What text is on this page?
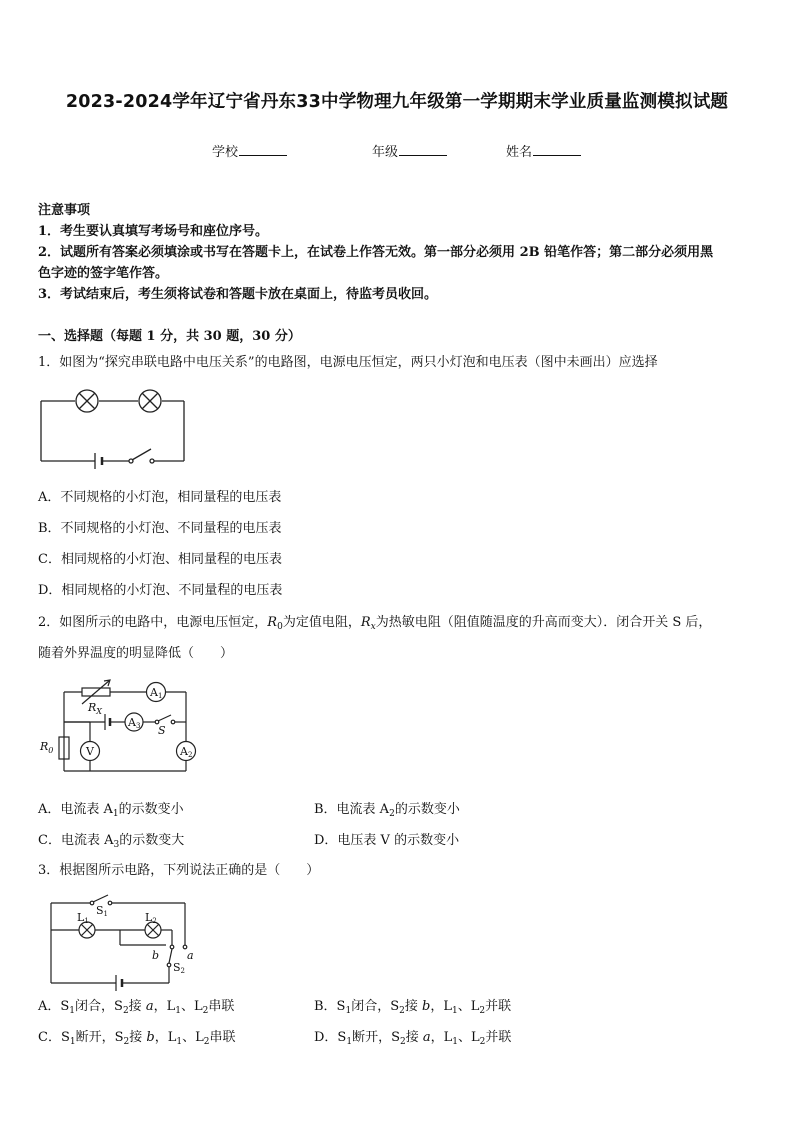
2023-2024学年辽宁省丹东33中学物理九年级第一学期期末学业质量监测模拟试题
学校	年级	姓名
注意事项
1．考生要认真填写考场号和座位序号。
2．试题所有答案必须填涂或书写在答题卡上，在试卷上作答无效。第一部分必须用 2B 铅笔作答；第二部分必须用黑
色字迹的签字笔作答。
3．考试结束后，考生须将试卷和答题卡放在桌面上，待监考员收回。
一、选择题（每题 1 分，共 30 题，30 分）
1．如图为“探究串联电路中电压关系”的电路图，电源电压恒定，两只小灯泡和电压表（图中未画出）应选择
A．不同规格的小灯泡，相同量程的电压表
B．不同规格的小灯泡、不同量程的电压表
C．相同规格的小灯泡、相同量程的电压表
D．相同规格的小灯泡、不同量程的电压表
2．如图所示的电路中，电源电压恒定，$R_0$为定值电阻，$R_x$为热敏电阻（阻值随温度的升高而变大）．闭合开关 S 后，
随着外界温度的明显降低（　　）
$R_X$
$R_0$
A1
A3
A2
V
S
A．电流表 $A_1$的示数变小	B．电流表 $A_2$的示数变小
C．电流表 $A_3$的示数变大	D．电压表 V 的示数变小
3．根据图所示电路，下列说法正确的是（　　）
S1
L1	L2
b	a
S2
A．$S_1$闭合，$S_2$接 a，$L_1$、$L_2$串联	B．$S_1$闭合，$S_2$接 b，$L_1$、$L_2$并联
C．$S_1$断开，$S_2$接 b，$L_1$、$L_2$串联	D．$S_1$断开，$S_2$接 a，$L_1$、$L_2$并联
